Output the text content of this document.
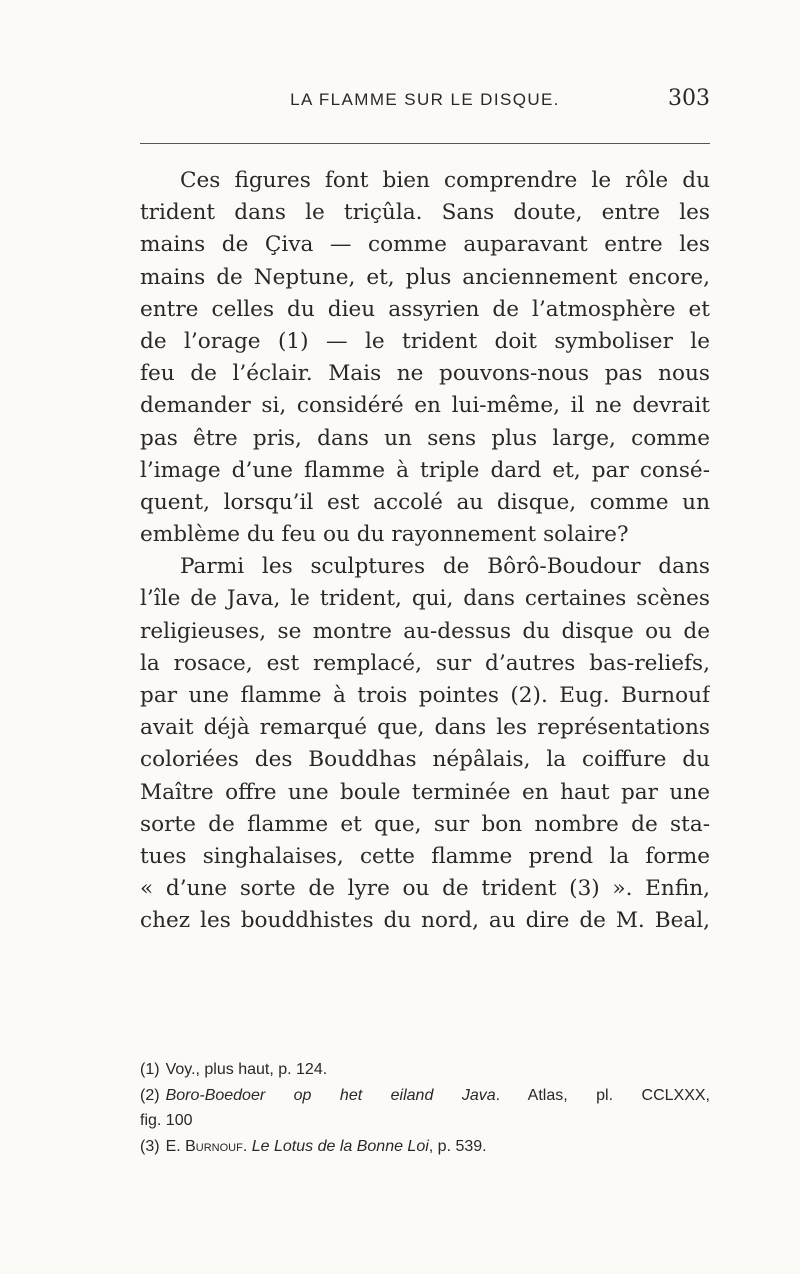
LA FLAMME SUR LE DISQUE.	303
Ces figures font bien comprendre le rôle du
trident dans le triçûla. Sans doute, entre les
mains de Çiva — comme auparavant entre les
mains de Neptune, et, plus anciennement encore,
entre celles du dieu assyrien de l’atmosphère et
de l’orage (1) — le trident doit symboliser le
feu de l’éclair. Mais ne pouvons-nous pas nous
demander si, considéré en lui-même, il ne devrait
pas être pris, dans un sens plus large, comme
l’image d’une flamme à triple dard et, par consé-
quent, lorsqu’il est accolé au disque, comme un
emblème du feu ou du rayonnement solaire?
Parmi les sculptures de Bôrô-Boudour dans
l’île de Java, le trident, qui, dans certaines scènes
religieuses, se montre au-dessus du disque ou de
la rosace, est remplacé, sur d’autres bas-reliefs,
par une flamme à trois pointes (2). Eug. Burnouf
avait déjà remarqué que, dans les représentations
coloriées des Bouddhas népâlais, la coiffure du
Maître offre une boule terminée en haut par une
sorte de flamme et que, sur bon nombre de sta-
tues singhalaises, cette flamme prend la forme
« d’une sorte de lyre ou de trident (3) ». Enfin,
chez les bouddhistes du nord, au dire de M. Beal,
(1) Voy., plus haut, p. 124.
(2) Boro-Boedoer op het eiland Java. Atlas, pl. CCLXXX,
fig. 100
(3) E. Burnouf. Le Lotus de la Bonne Loi, p. 539.
